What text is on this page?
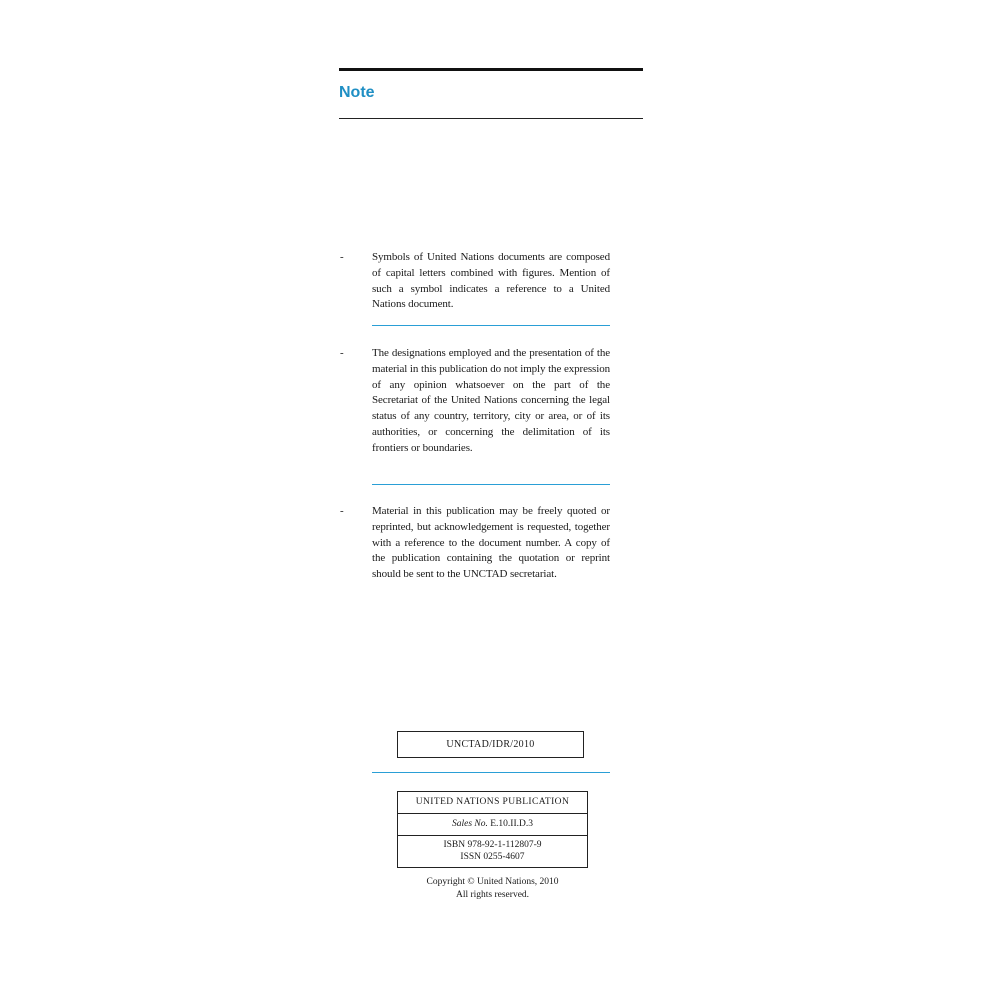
Note
-	Symbols of United Nations documents are composed of capital letters combined with figures. Mention of such a symbol indicates a reference to a United Nations document.
-	The designations employed and the presentation of the material in this publication do not imply the expression of any opinion whatsoever on the part of the Secretariat of the United Nations concerning the legal status of any country, territory, city or area, or of its authorities, or concerning the delimitation of its frontiers or boundaries.
-	Material in this publication may be freely quoted or reprinted, but acknowledgement is requested, together with a reference to the document number. A copy of the publication containing the quotation or reprint should be sent to the UNCTAD secretariat.
UNCTAD/IDR/2010
UNITED NATIONS PUBLICATION
Sales No. E.10.II.D.3
ISBN 978-92-1-112807-9
ISSN 0255-4607
Copyright © United Nations, 2010
All rights reserved.
